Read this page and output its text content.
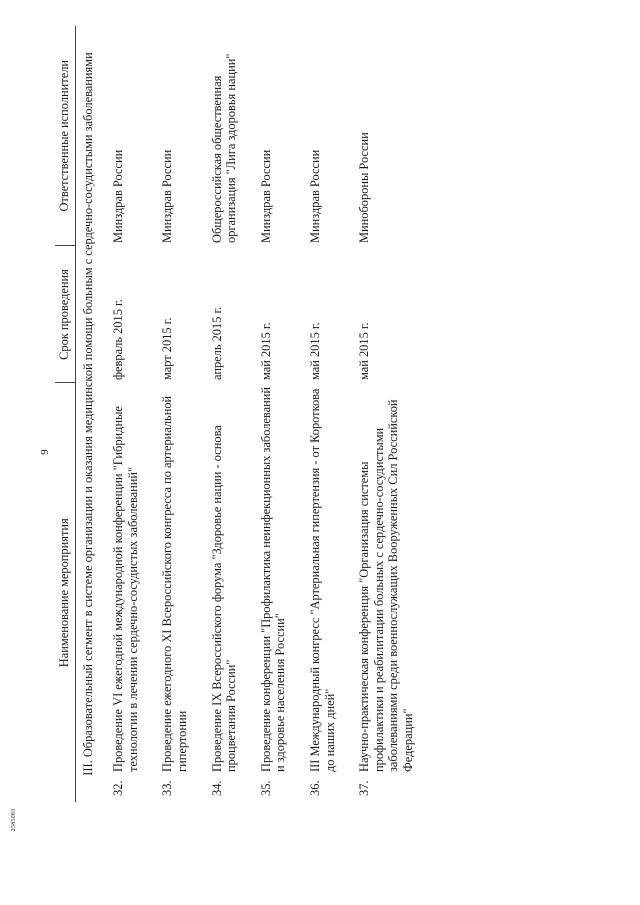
9
2585083
Наименование мероприятия		Срок проведения	Ответственные исполнители
III. Образовательный сегмент в системе организации и оказания медицинской помощи больным с сердечно-сосудистыми заболеваниями			
32.	Проведение VI ежегодной международной конференции "Гибридные технологии в лечении сердечно-сосудистых заболеваний"	февраль 2015 г.	Минздрав России
33.	Проведение ежегодного XI Всероссийского конгресса по артериальной гипертонии	март 2015 г.	Минздрав России
34.	Проведение IX Всероссийского форума "Здоровье нации - основа процветания России"	апрель 2015 г.	Общероссийская общественная организация "Лига здоровья нации"
35.	Проведение конференции "Профилактика неинфекционных заболеваний и здоровье населения России"	май 2015 г.	Минздрав России
36.	III Международный конгресс "Артериальная гипертензия - от Короткова до наших дней"	май 2015 г.	Минздрав России
37.	Научно-практическая конференция "Организация системы профилактики и реабилитации больных с сердечно-сосудистыми заболеваниями среди военнослужащих Вооруженных Сил Российской Федерации"	май 2015 г.	Минобороны России
